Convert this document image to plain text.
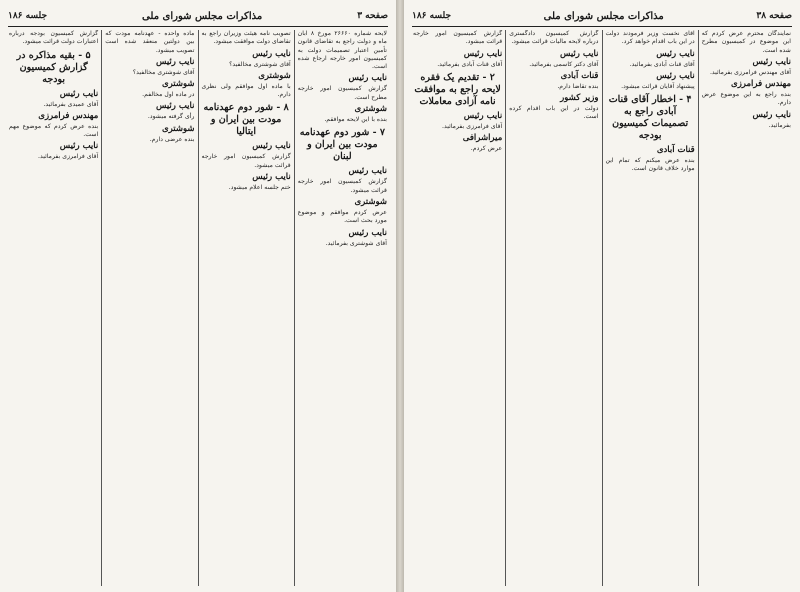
صفحه ۳
مذاکرات مجلس شورای ملی
جلسه ۱۸۶

لایحه شماره ۲۶۶۶۰ مورخ ۸ آبان ماه و دولت راجع به تقاضای قانون تأمین اعتبار تصمیمات دولت به کمیسیون امور خارجه ارجاع شده است.

نایب رئیس

گزارش کمیسیون امور خارجه مطرح است.

شوشتری

بنده با این لایحه موافقم.

۷ - شور دوم عهدنامه مودت بین ایران و لبنان
نایب رئیس

گزارش کمیسیون امور خارجه قرائت میشود.

شوشتری

عرض کردم موافقم و موضوع مورد بحث است.

نایب رئیس

آقای شوشتری بفرمائید.

تصویب نامه هیئت وزیران راجع به تقاضای دولت موافقت میشود.

نایب رئیس

آقای شوشتری مخالفید؟

شوشتری

با ماده اول موافقم ولی نظری دارم.

۸ - شور دوم عهدنامه مودت بین ایران و ایتالیا
نایب رئیس

گزارش کمیسیون امور خارجه قرائت میشود.

نایب رئیس

ختم جلسه اعلام میشود.

ماده واحده - عهدنامه مودت که بین دولتین منعقد شده است تصویب میشود.

نایب رئیس

آقای شوشتری مخالفید؟

شوشتری

در ماده اول مخالفم.

نایب رئیس

رأی گرفته میشود.

شوشتری

بنده عرضی دارم.

گزارش کمیسیون بودجه درباره اعتبارات دولت قرائت میشود.

۵ - بقیه مذاکره در گزارش کمیسیون بودجه
نایب رئیس

آقای عمیدی بفرمائید.

مهندس فرامرزی

بنده عرض کردم که موضوع مهم است.

نایب رئیس

آقای فرامرزی بفرمائید.

صفحه ۳۸
مذاکرات مجلس شورای ملی
جلسه ۱۸۶

نمایندگان محترم عرض کردم که این موضوع در کمیسیون مطرح شده است.

نایب رئیس

آقای مهندس فرامرزی بفرمائید.

مهندس فرامرزی

بنده راجع به این موضوع عرض دارم.

نایب رئیس

بفرمائید.

آقای نخست وزیر فرمودند دولت در این باب اقدام خواهد کرد.

نایب رئیس

آقای قنات آبادی بفرمائید.

نایب رئیس

پیشنهاد آقایان قرائت میشود.

۴ - اخطار آقای قنات آبادی راجع به تصمیمات کمیسیون بودجه
قنات آبادی

بنده عرض میکنم که تمام این موارد خلاف قانون است.

گزارش کمیسیون دادگستری درباره لایحه مالیات قرائت میشود.

نایب رئیس

آقای دکتر کاسمی بفرمائید.

قنات آبادی

بنده تقاضا دارم.

وزیر کشور

دولت در این باب اقدام کرده است.

گزارش کمیسیون امور خارجه قرائت میشود.

نایب رئیس

آقای قنات آبادی بفرمائید.

۲ - تقدیم یک فقره لایحه راجع به موافقت نامه آزادی معاملات
نایب رئیس

آقای فرامرزی بفرمائید.

میراشرافی

عرض کردم.
